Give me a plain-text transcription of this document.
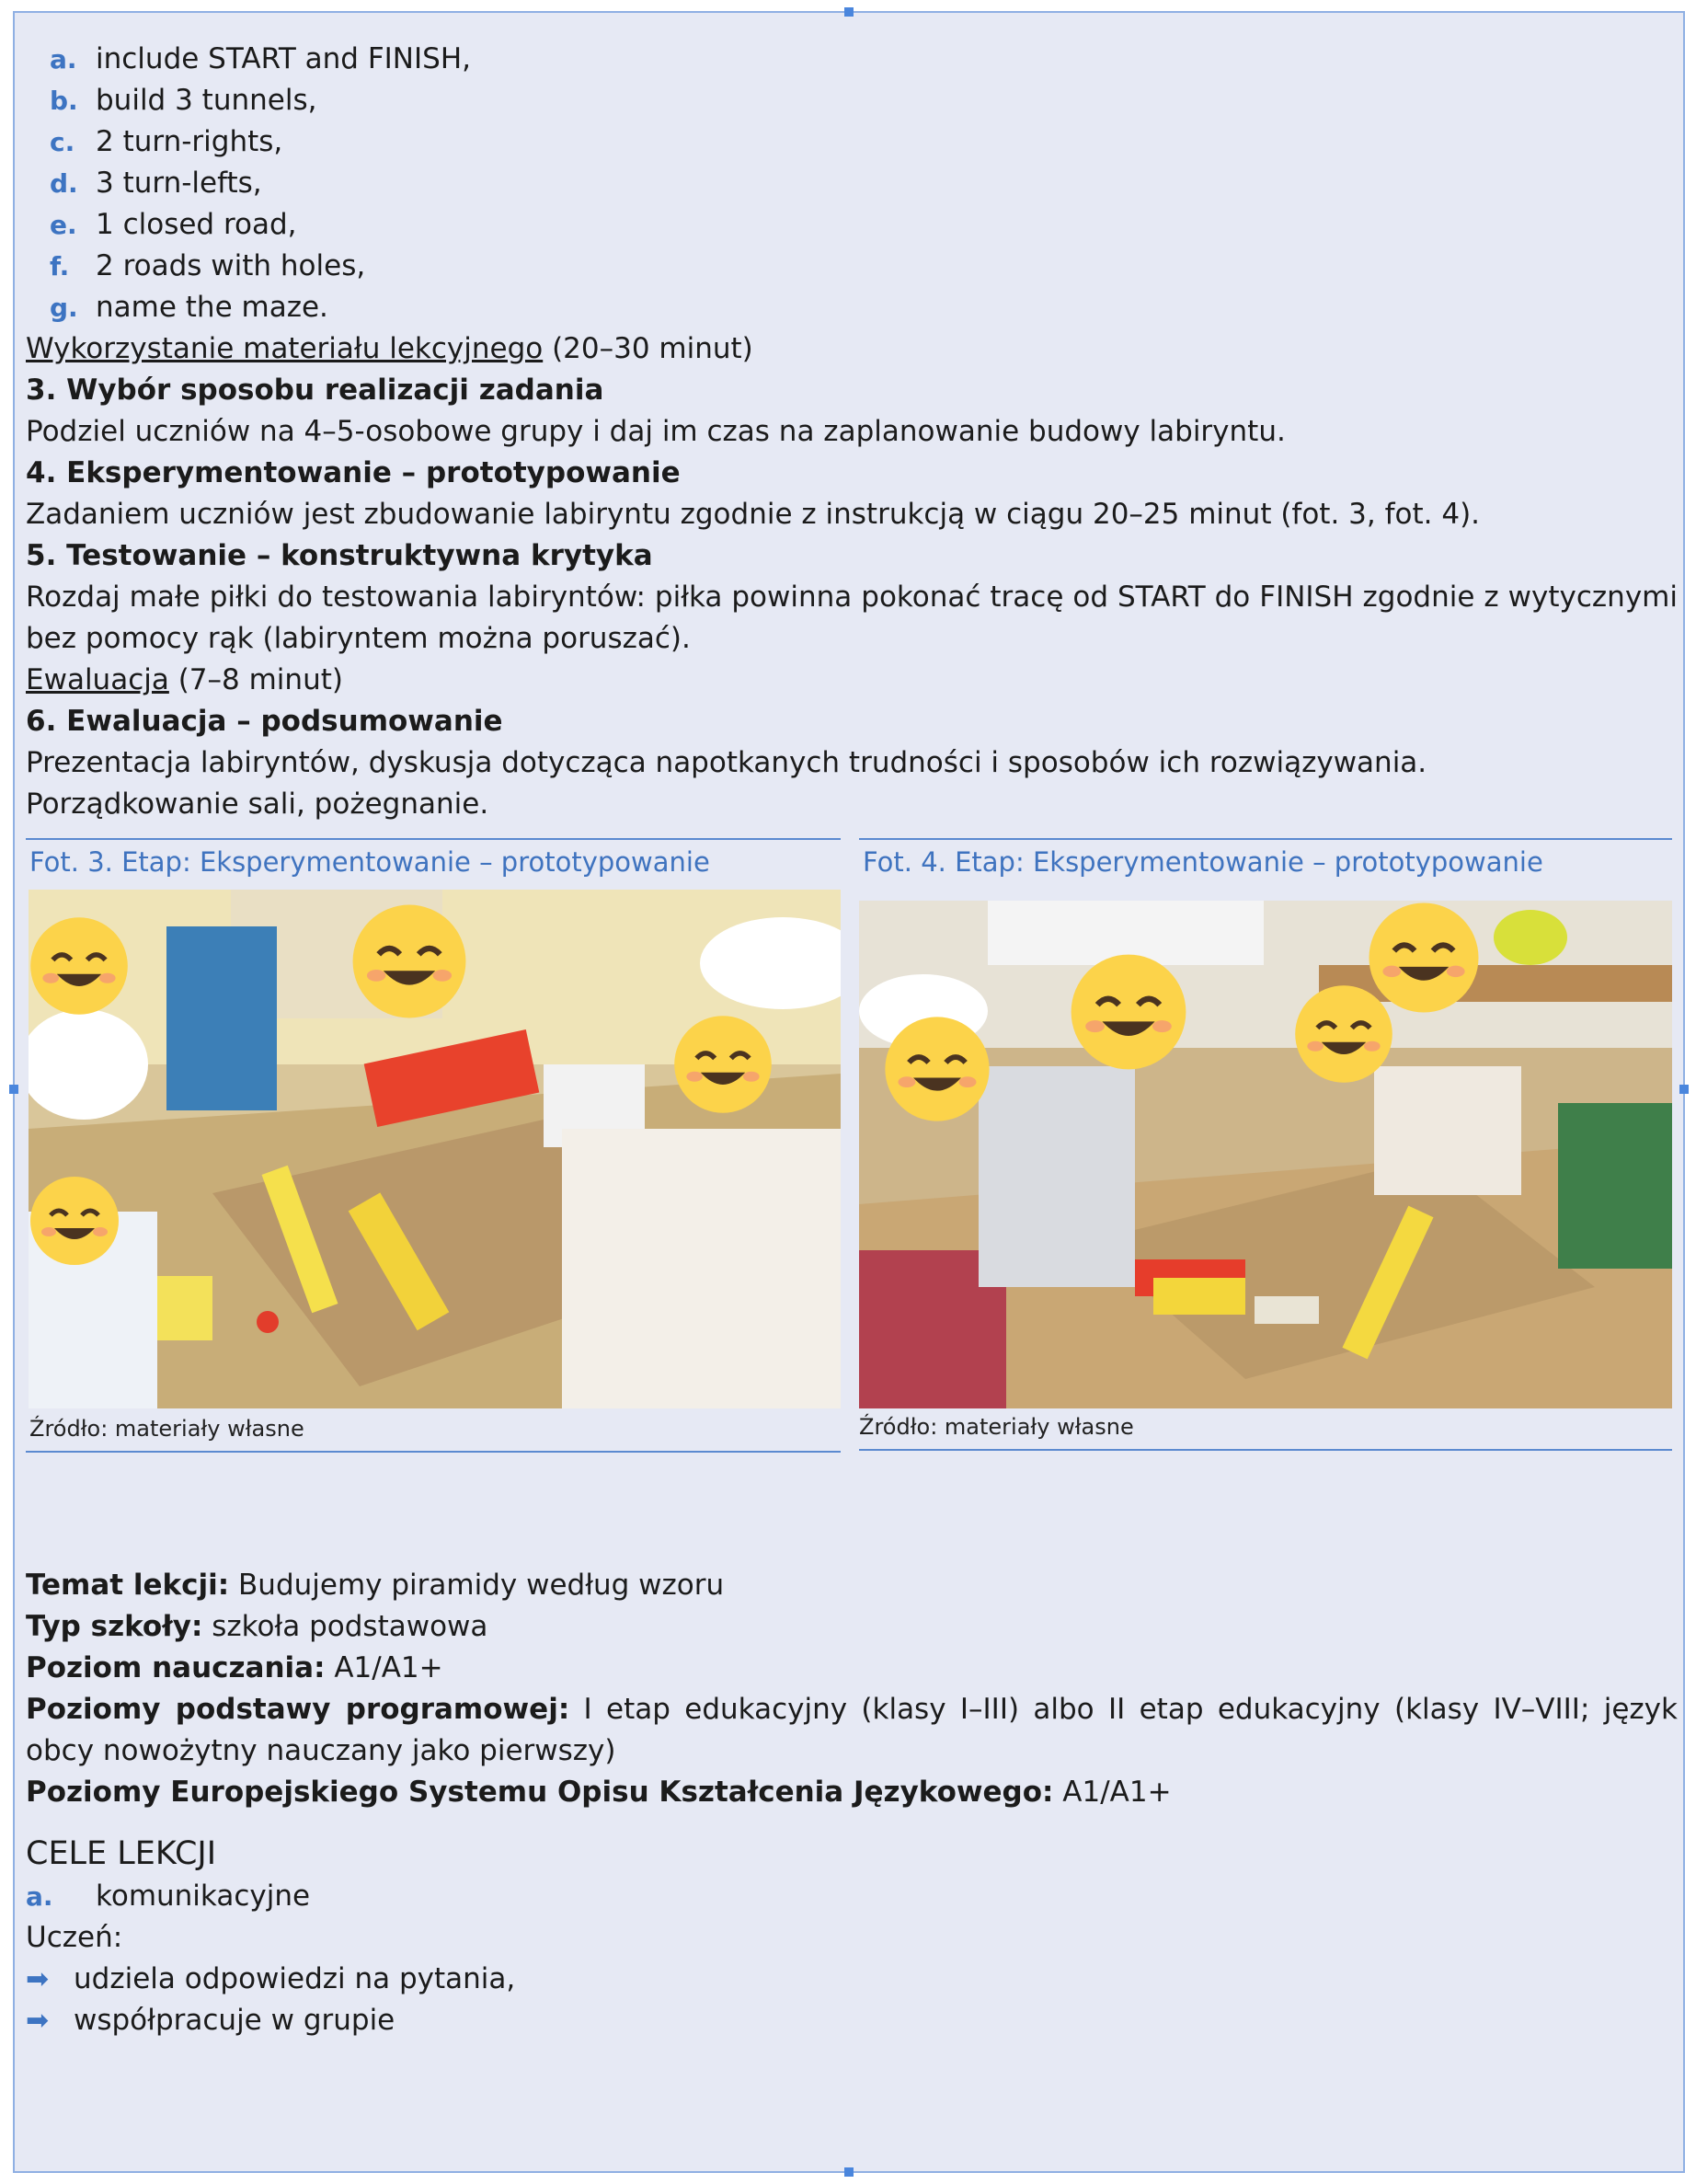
a. include START and FINISH,
b. build 3 tunnels,
c. 2 turn-rights,
d. 3 turn-lefts,
e. 1 closed road,
f. 2 roads with holes,
g. name the maze.
Wykorzystanie materiału lekcyjnego (20–30 minut)
3. Wybór sposobu realizacji zadania
Podziel uczniów na 4–5-osobowe grupy i daj im czas na zaplanowanie budowy labiryntu.
4. Eksperymentowanie – prototypowanie
Zadaniem uczniów jest zbudowanie labiryntu zgodnie z instrukcją w ciągu 20–25 minut (fot. 3, fot. 4).
5. Testowanie – konstruktywna krytyka
Rozdaj małe piłki do testowania labiryntów: piłka powinna pokonać tracę od START do FINISH zgodnie z wytycznymi bez pomocy rąk (labiryntem można poruszać).
Ewaluacja (7–8 minut)
6. Ewaluacja – podsumowanie
Prezentacja labiryntów, dyskusja dotycząca napotkanych trudności i sposobów ich rozwiązywania.
Porządkowanie sali, pożegnanie.
Fot. 3. Etap: Eksperymentowanie – prototypowanie
Źródło: materiały własne
Fot. 4. Etap: Eksperymentowanie – prototypowanie
Źródło: materiały własne
Temat lekcji: Budujemy piramidy według wzoru
Typ szkoły: szkoła podstawowa
Poziom nauczania: A1/A1+
Poziomy podstawy programowej: I etap edukacyjny (klasy I–III) albo II etap edukacyjny (klasy IV–VIII; język obcy nowożytny nauczany jako pierwszy)
Poziomy Europejskiego Systemu Opisu Kształcenia Językowego: A1/A1+
CELE LEKCJI
a. komunikacyjne
Uczeń:
➡ udziela odpowiedzi na pytania,
➡ współpracuje w grupie
